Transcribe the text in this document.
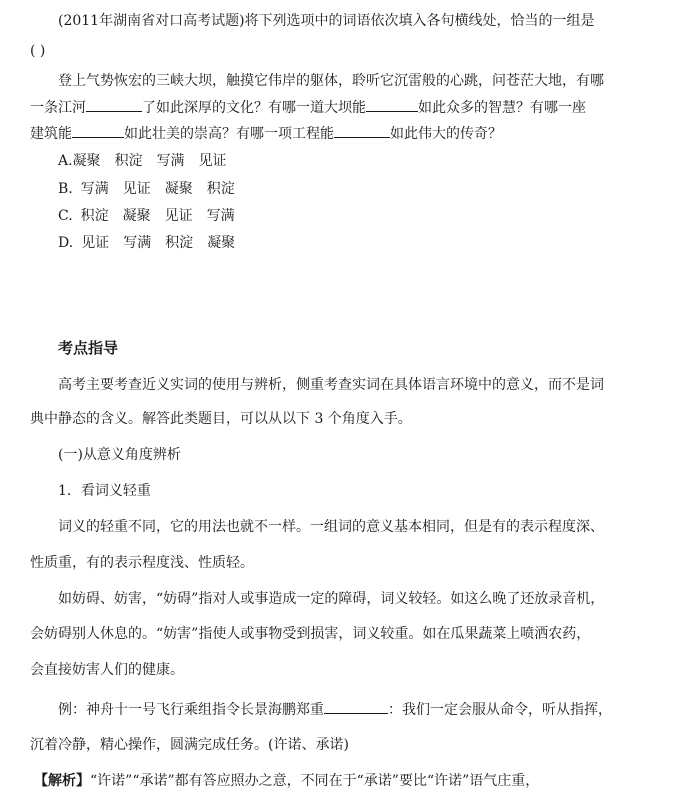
(2011年湖南省对口高考试题)将下列选项中的词语依次填入各句横线处，恰当的一组是
( )
登上气势恢宏的三峡大坝，触摸它伟岸的躯体，聆听它沉雷般的心跳，问苍茫大地，有哪
一条江河	了如此深厚的文化？有哪一道大坝能	如此众多的智慧？有哪一座
建筑能	如此壮美的崇高？有哪一项工程能	如此伟大的传奇？
A.凝聚 积淀 写满 见证
B. 写满 见证 凝聚 积淀
C. 积淀 凝聚 见证 写满
D. 见证 写满 积淀 凝聚
考点指导
高考主要考查近义实词的使用与辨析，侧重考查实词在具体语言环境中的意义，而不是词
典中静态的含义。解答此类题目，可以从以下 3 个角度入手。
(一)从意义角度辨析
1．看词义轻重
词义的轻重不同，它的用法也就不一样。一组词的意义基本相同，但是有的表示程度深、
性质重，有的表示程度浅、性质轻。
如妨碍、妨害，“妨碍”指对人或事造成一定的障碍，词义较轻。如这么晚了还放录音机，
会妨碍别人休息的。“妨害”指使人或事物受到损害，词义较重。如在瓜果蔬菜上喷洒农药，
会直接妨害人们的健康。
例：神舟十一号飞行乘组指令长景海鹏郑重	：我们一定会服从命令，听从指挥，
沉着冷静，精心操作，圆满完成任务。(许诺、承诺)
【解析】“许诺”“承诺”都有答应照办之意，不同在于“承诺”要比“许诺”语气庄重，
